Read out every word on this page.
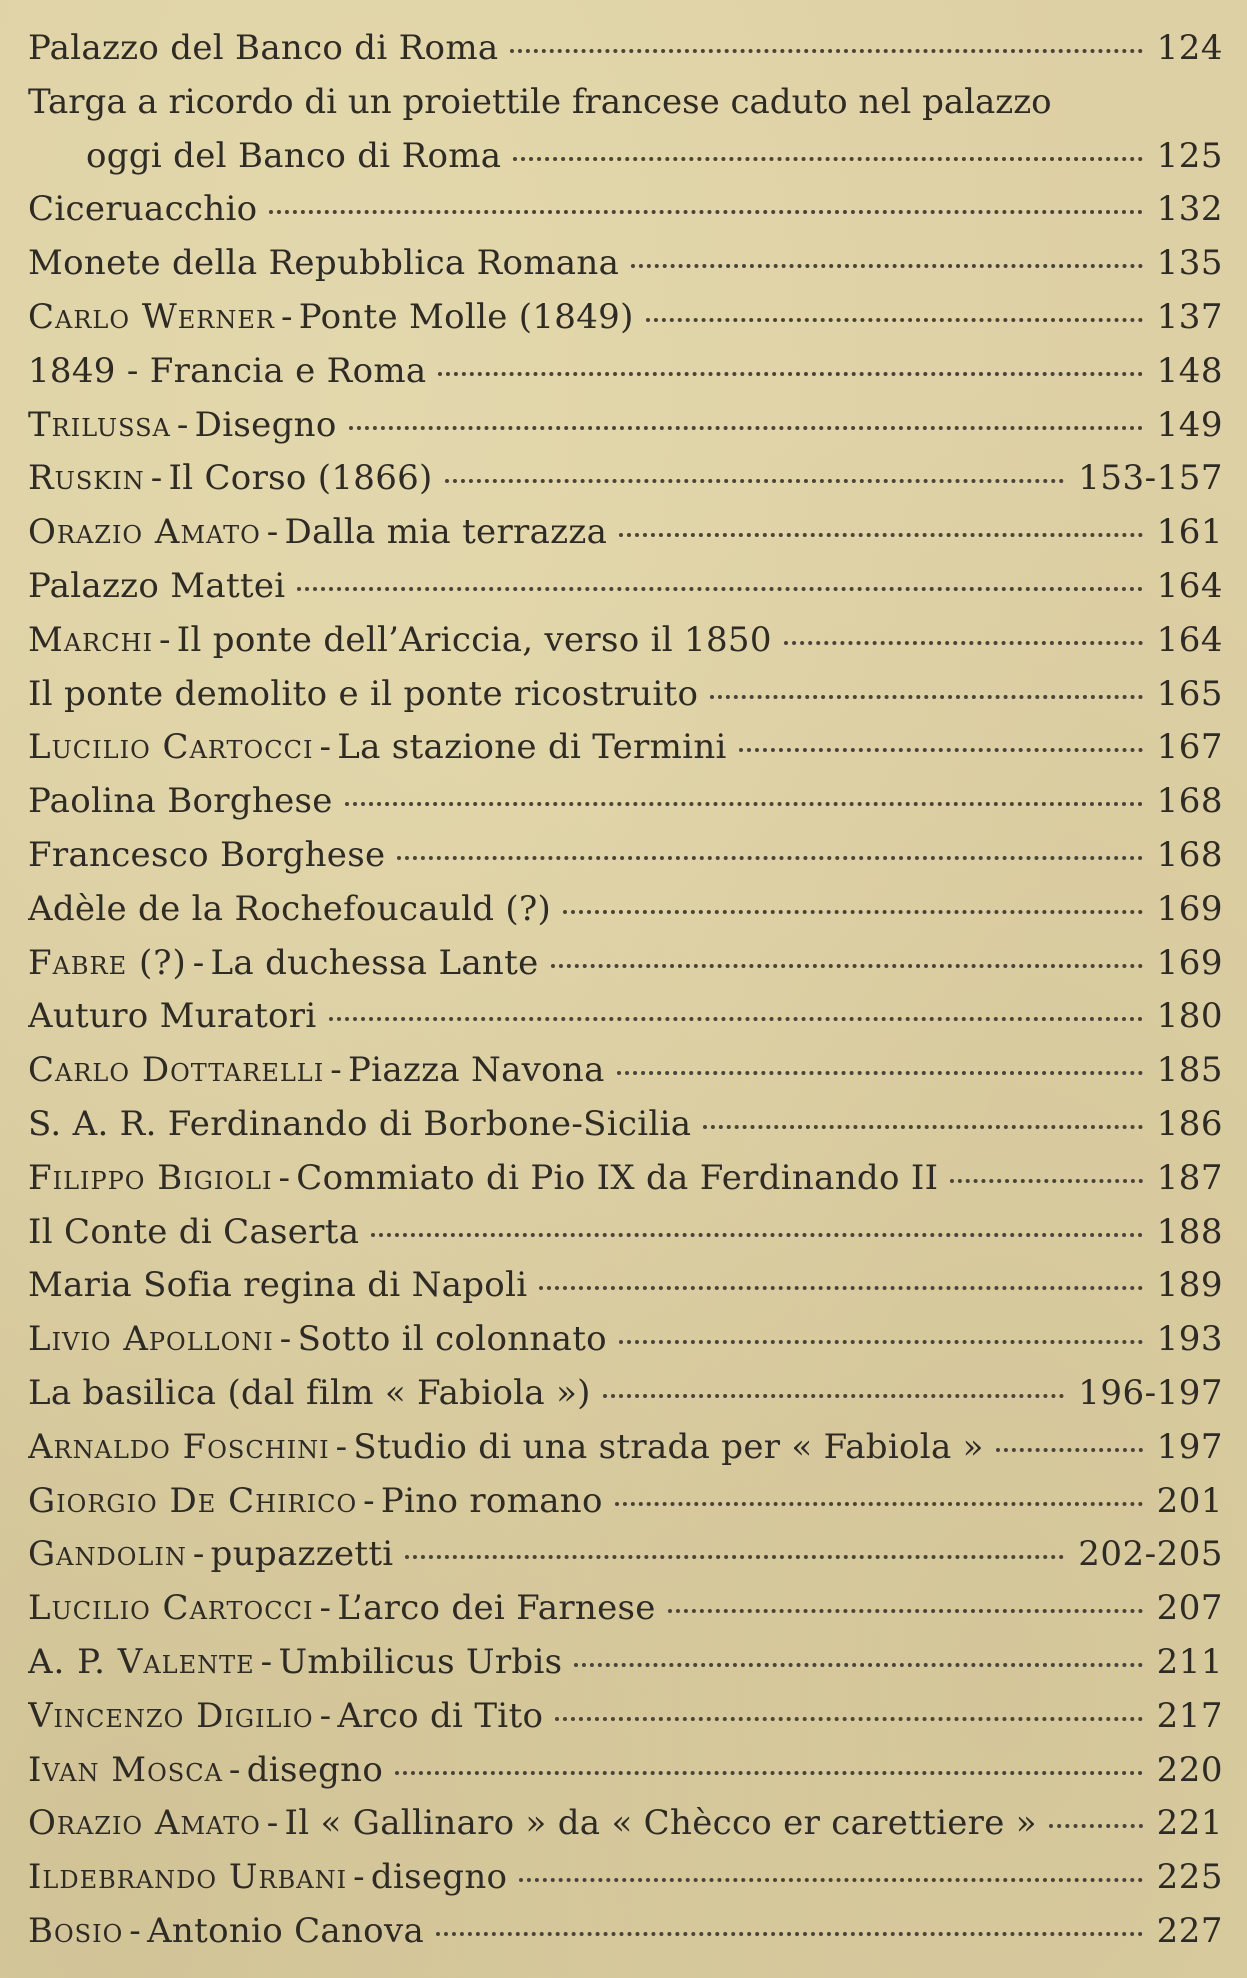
Palazzo del Banco di Roma	124
Targa a ricordo di un proiettile francese caduto nel palazzo
oggi del Banco di Roma	125
Ciceruacchio	132
Monete della Repubblica Romana	135
Carlo Werner - Ponte Molle (1849)	137
1849 - Francia e Roma	148
Trilussa - Disegno	149
Ruskin - Il Corso (1866)	153-157
Orazio Amato - Dalla mia terrazza	161
Palazzo Mattei	164
Marchi - Il ponte dell’Ariccia, verso il 1850	164
Il ponte demolito e il ponte ricostruito	165
Lucilio Cartocci - La stazione di Termini	167
Paolina Borghese	168
Francesco Borghese	168
Adèle de la Rochefoucauld (?)	169
Fabre (?) - La duchessa Lante	169
Auturo Muratori	180
Carlo Dottarelli - Piazza Navona	185
S. A. R. Ferdinando di Borbone-Sicilia	186
Filippo Bigioli - Commiato di Pio IX da Ferdinando II	187
Il Conte di Caserta	188
Maria Sofia regina di Napoli	189
Livio Apolloni - Sotto il colonnato	193
La basilica (dal film « Fabiola »)	196-197
Arnaldo Foschini - Studio di una strada per « Fabiola »	197
Giorgio De Chirico - Pino romano	201
Gandolin - pupazzetti	202-205
Lucilio Cartocci - L’arco dei Farnese	207
A. P. Valente - Umbilicus Urbis	211
Vincenzo Digilio - Arco di Tito	217
Ivan Mosca - disegno	220
Orazio Amato - Il « Gallinaro » da « Chècco er carettiere »	221
Ildebrando Urbani - disegno	225
Bosio - Antonio Canova	227
